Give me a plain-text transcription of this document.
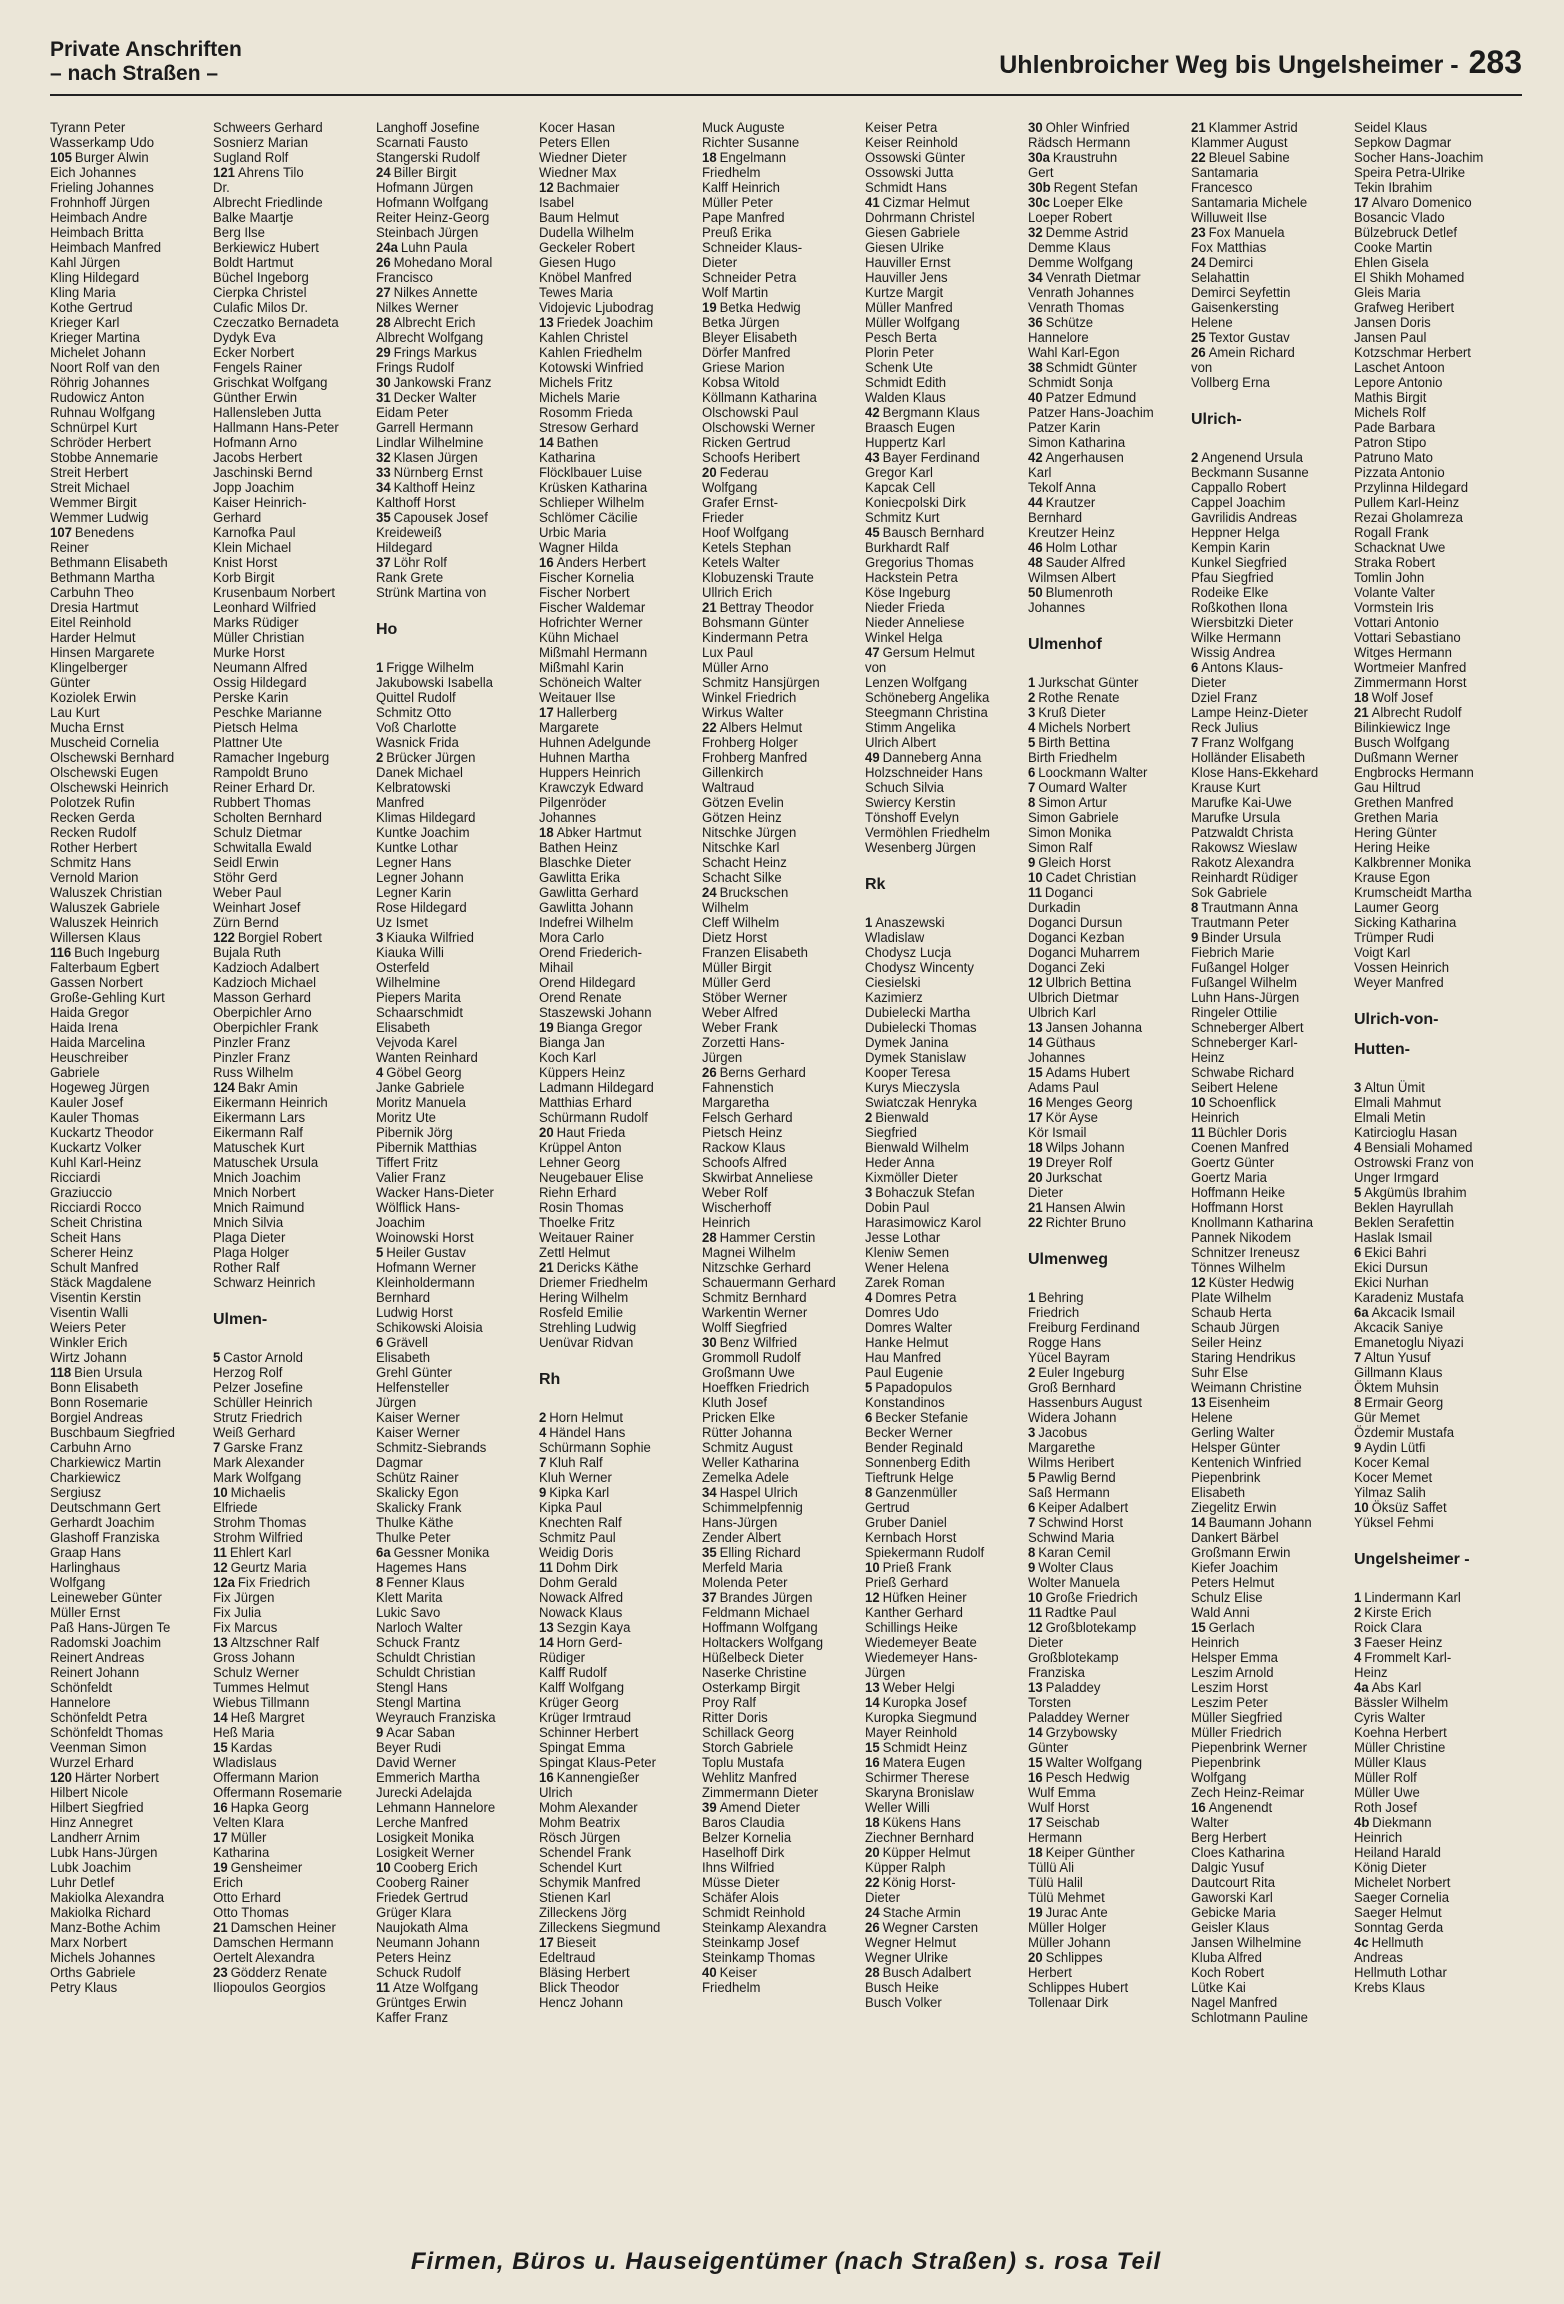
Private Anschriften
– nach Straßen –	Uhlenbroicher Weg bis Ungelsheimer - 283
Tyrann Peter
Wasserkamp Udo
105 Burger Alwin
Eich Johannes
Frieling Johannes
Frohnhoff Jürgen
Heimbach Andre
Heimbach Britta
Heimbach Manfred
Kahl Jürgen
Kling Hildegard
Kling Maria
Kothe Gertrud
Krieger Karl
Krieger Martina
Michelet Johann
Noort Rolf van den
Röhrig Johannes
Rudowicz Anton
Ruhnau Wolfgang
Schnürpel Kurt
Schröder Herbert
Stobbe Annemarie
Streit Herbert
Streit Michael
Wemmer Birgit
Wemmer Ludwig
107 Benedens
Reiner
Bethmann Elisabeth
Bethmann Martha
Carbuhn Theo
Dresia Hartmut
Eitel Reinhold
Harder Helmut
Hinsen Margarete
Klingelberger
Günter
Koziolek Erwin
Lau Kurt
Mucha Ernst
Muscheid Cornelia
Olschewski Bernhard
Olschewski Eugen
Olschewski Heinrich
Polotzek Rufin
Recken Gerda
Recken Rudolf
Rother Herbert
Schmitz Hans
Vernold Marion
Waluszek Christian
Waluszek Gabriele
Waluszek Heinrich
Willersen Klaus
116 Buch Ingeburg
Falterbaum Egbert
Gassen Norbert
Große-Gehling Kurt
Haida Gregor
Haida Irena
Haida Marcelina
Heuschreiber
Gabriele
Hogeweg Jürgen
Kauler Josef
Kauler Thomas
Kuckartz Theodor
Kuckartz Volker
Kuhl Karl-Heinz
Ricciardi
Graziuccio
Ricciardi Rocco
Scheit Christina
Scheit Hans
Scherer Heinz
Schult Manfred
Stäck Magdalene
Visentin Kerstin
Visentin Walli
Weiers Peter
Winkler Erich
Wirtz Johann
118 Bien Ursula
Bonn Elisabeth
Bonn Rosemarie
Borgiel Andreas
Buschbaum Siegfried
Carbuhn Arno
Charkiewicz Martin
Charkiewicz
Sergiusz
Deutschmann Gert
Gerhardt Joachim
Glashoff Franziska
Graap Hans
Harlinghaus
Wolfgang
Leineweber Günter
Müller Ernst
Paß Hans-Jürgen Te
Radomski Joachim
Reinert Andreas
Reinert Johann
Schönfeldt
Hannelore
Schönfeldt Petra
Schönfeldt Thomas
Veenman Simon
Wurzel Erhard
120 Härter Norbert
Hilbert Nicole
Hilbert Siegfried
Hinz Annegret
Landherr Arnim
Lubk Hans-Jürgen
Lubk Joachim
Luhr Detlef
Makiolka Alexandra
Makiolka Richard
Manz-Bothe Achim
Marx Norbert
Michels Johannes
Orths Gabriele
Petry Klaus
Schweers Gerhard
Sosnierz Marian
Sugland Rolf
121 Ahrens Tilo
Dr.
Albrecht Friedlinde
Balke Maartje
Berg Ilse
Berkiewicz Hubert
Boldt Hartmut
Büchel Ingeborg
Cierpka Christel
Culafic Milos Dr.
Czeczatko Bernadeta
Dydyk Eva
Ecker Norbert
Fengels Rainer
Grischkat Wolfgang
Günther Erwin
Hallensleben Jutta
Hallmann Hans-Peter
Hofmann Arno
Jacobs Herbert
Jaschinski Bernd
Jopp Joachim
Kaiser Heinrich-
Gerhard
Karnofka Paul
Klein Michael
Knist Horst
Korb Birgit
Krusenbaum Norbert
Leonhard Wilfried
Marks Rüdiger
Müller Christian
Murke Horst
Neumann Alfred
Ossig Hildegard
Perske Karin
Peschke Marianne
Pietsch Helma
Plattner Ute
Ramacher Ingeburg
Rampoldt Bruno
Reiner Erhard Dr.
Rubbert Thomas
Scholten Bernhard
Schulz Dietmar
Schwitalla Ewald
Seidl Erwin
Stöhr Gerd
Weber Paul
Weinhart Josef
Zürn Bernd
122 Borgiel Robert
Bujala Ruth
Kadzioch Adalbert
Kadzioch Michael
Masson Gerhard
Oberpichler Arno
Oberpichler Frank
Pinzler Franz
Pinzler Franz
Russ Wilhelm
124 Bakr Amin
Eikermann Heinrich
Eikermann Lars
Eikermann Ralf
Matuschek Kurt
Matuschek Ursula
Mnich Joachim
Mnich Norbert
Mnich Raimund
Mnich Silvia
Plaga Dieter
Plaga Holger
Rother Ralf
Schwarz Heinrich
Ulmen-
5 Castor Arnold
Herzog Rolf
Pelzer Josefine
Schüller Heinrich
Strutz Friedrich
Weiß Gerhard
7 Garske Franz
Mark Alexander
Mark Wolfgang
10 Michaelis
Elfriede
Strohm Thomas
Strohm Wilfried
11 Ehlert Karl
12 Geurtz Maria
12a Fix Friedrich
Fix Jürgen
Fix Julia
Fix Marcus
13 Altzschner Ralf
Gross Johann
Schulz Werner
Tummes Helmut
Wiebus Tillmann
14 Heß Margret
Heß Maria
15 Kardas
Wladislaus
Offermann Marion
Offermann Rosemarie
16 Hapka Georg
Velten Klara
17 Müller
Katharina
19 Gensheimer
Erich
Otto Erhard
Otto Thomas
21 Damschen Heiner
Damschen Hermann
Oertelt Alexandra
23 Gödderz Renate
Iliopoulos Georgios
Langhoff Josefine
Scarnati Fausto
Stangerski Rudolf
24 Biller Birgit
Hofmann Jürgen
Hofmann Wolfgang
Reiter Heinz-Georg
Steinbach Jürgen
24a Luhn Paula
26 Mohedano Moral
Francisco
27 Nilkes Annette
Nilkes Werner
28 Albrecht Erich
Albrecht Wolfgang
29 Frings Markus
Frings Rudolf
30 Jankowski Franz
31 Decker Walter
Eidam Peter
Garrell Hermann
Lindlar Wilhelmine
32 Klasen Jürgen
33 Nürnberg Ernst
34 Kalthoff Heinz
Kalthoff Horst
35 Capousek Josef
Kreideweiß
Hildegard
37 Löhr Rolf
Rank Grete
Strünk Martina von
Ho
1 Frigge Wilhelm
Jakubowski Isabella
Quittel Rudolf
Schmitz Otto
Voß Charlotte
Wasnick Frida
2 Brücker Jürgen
Danek Michael
Kelbratowski
Manfred
Klimas Hildegard
Kuntke Joachim
Kuntke Lothar
Legner Hans
Legner Johann
Legner Karin
Rose Hildegard
Uz Ismet
3 Kiauka Wilfried
Kiauka Willi
Osterfeld
Wilhelmine
Piepers Marita
Schaarschmidt
Elisabeth
Vejvoda Karel
Wanten Reinhard
4 Göbel Georg
Janke Gabriele
Moritz Manuela
Moritz Ute
Pibernik Jörg
Pibernik Matthias
Tiffert Fritz
Valier Franz
Wacker Hans-Dieter
Wölflick Hans-
Joachim
Woinowski Horst
5 Heiler Gustav
Hofmann Werner
Kleinholdermann
Bernhard
Ludwig Horst
Schikowski Aloisia
6 Grävell
Elisabeth
Grehl Günter
Helfensteller
Jürgen
Kaiser Werner
Kaiser Werner
Schmitz-Siebrands
Dagmar
Schütz Rainer
Skalicky Egon
Skalicky Frank
Thulke Käthe
Thulke Peter
6a Gessner Monika
Hagemes Hans
8 Fenner Klaus
Klett Marita
Lukic Savo
Narloch Walter
Schuck Frantz
Schuldt Christian
Schuldt Christian
Stengl Hans
Stengl Martina
Weyrauch Franziska
9 Acar Saban
Beyer Rudi
David Werner
Emmerich Martha
Jurecki Adelajda
Lehmann Hannelore
Lerche Manfred
Losigkeit Monika
Losigkeit Werner
10 Cooberg Erich
Cooberg Rainer
Friedek Gertrud
Grüger Klara
Naujokath Alma
Neumann Johann
Peters Heinz
Schuck Rudolf
11 Atze Wolfgang
Grüntges Erwin
Kaffer Franz
Kocer Hasan
Peters Ellen
Wiedner Dieter
Wiedner Max
12 Bachmaier
Isabel
Baum Helmut
Dudella Wilhelm
Geckeler Robert
Giesen Hugo
Knöbel Manfred
Tewes Maria
Vidojevic Ljubodrag
13 Friedek Joachim
Kahlen Christel
Kahlen Friedhelm
Kotowski Winfried
Michels Fritz
Michels Marie
Rosomm Frieda
Stresow Gerhard
14 Bathen
Katharina
Flöcklbauer Luise
Krüsken Katharina
Schlieper Wilhelm
Schlömer Cäcilie
Urbic Maria
Wagner Hilda
16 Anders Herbert
Fischer Kornelia
Fischer Norbert
Fischer Waldemar
Hofrichter Werner
Kühn Michael
Mißmahl Hermann
Mißmahl Karin
Schöneich Walter
Weitauer Ilse
17 Hallerberg
Margarete
Huhnen Adelgunde
Huhnen Martha
Huppers Heinrich
Krawczyk Edward
Pilgenröder
Johannes
18 Abker Hartmut
Bathen Heinz
Blaschke Dieter
Gawlitta Erika
Gawlitta Gerhard
Gawlitta Johann
Indefrei Wilhelm
Mora Carlo
Orend Friederich-
Mihail
Orend Hildegard
Orend Renate
Staszewski Johann
19 Bianga Gregor
Bianga Jan
Koch Karl
Küppers Heinz
Ladmann Hildegard
Matthias Erhard
Schürmann Rudolf
20 Haut Frieda
Krüppel Anton
Lehner Georg
Neugebauer Elise
Riehn Erhard
Rosin Thomas
Thoelke Fritz
Weitauer Rainer
Zettl Helmut
21 Dericks Käthe
Driemer Friedhelm
Hering Wilhelm
Rosfeld Emilie
Strehling Ludwig
Uenüvar Ridvan
Rh
2 Horn Helmut
4 Händel Hans
Schürmann Sophie
7 Kluh Ralf
Kluh Werner
9 Kipka Karl
Kipka Paul
Knechten Ralf
Schmitz Paul
Weidig Doris
11 Dohm Dirk
Dohm Gerald
Nowack Alfred
Nowack Klaus
13 Sezgin Kaya
14 Horn Gerd-
Rüdiger
Kalff Rudolf
Kalff Wolfgang
Krüger Georg
Krüger Irmtraud
Schinner Herbert
Spingat Emma
Spingat Klaus-Peter
16 Kannengießer
Ulrich
Mohm Alexander
Mohm Beatrix
Rösch Jürgen
Schendel Frank
Schendel Kurt
Schymik Manfred
Stienen Karl
Zilleckens Jörg
Zilleckens Siegmund
17 Bieseit
Edeltraud
Bläsing Herbert
Blick Theodor
Hencz Johann
Muck Auguste
Richter Susanne
18 Engelmann
Friedhelm
Kalff Heinrich
Müller Peter
Pape Manfred
Preuß Erika
Schneider Klaus-
Dieter
Schneider Petra
Wolf Martin
19 Betka Hedwig
Betka Jürgen
Bleyer Elisabeth
Dörfer Manfred
Griese Marion
Kobsa Witold
Köllmann Katharina
Olschowski Paul
Olschowski Werner
Ricken Gertrud
Schoofs Heribert
20 Federau
Wolfgang
Grafer Ernst-
Frieder
Hoof Wolfgang
Ketels Stephan
Ketels Walter
Klobuzenski Traute
Ullrich Erich
21 Bettray Theodor
Bohsmann Günter
Kindermann Petra
Lux Paul
Müller Arno
Schmitz Hansjürgen
Winkel Friedrich
Wirkus Walter
22 Albers Helmut
Frohberg Holger
Frohberg Manfred
Gillenkirch
Waltraud
Götzen Evelin
Götzen Heinz
Nitschke Jürgen
Nitschke Karl
Schacht Heinz
Schacht Silke
24 Bruckschen
Wilhelm
Cleff Wilhelm
Dietz Horst
Franzen Elisabeth
Müller Birgit
Müller Gerd
Stöber Werner
Weber Alfred
Weber Frank
Zorzetti Hans-
Jürgen
26 Berns Gerhard
Fahnenstich
Margaretha
Felsch Gerhard
Pietsch Heinz
Rackow Klaus
Schoofs Alfred
Skwirbat Anneliese
Weber Rolf
Wischerhoff
Heinrich
28 Hammer Cerstin
Magnei Wilhelm
Nitzschke Gerhard
Schauermann Gerhard
Schmitz Bernhard
Warkentin Werner
Wolff Siegfried
30 Benz Wilfried
Grommoll Rudolf
Großmann Uwe
Hoeffken Friedrich
Kluth Josef
Pricken Elke
Rütter Johanna
Schmitz August
Weller Katharina
Zemelka Adele
34 Haspel Ulrich
Schimmelpfennig
Hans-Jürgen
Zender Albert
35 Elling Richard
Merfeld Maria
Molenda Peter
37 Brandes Jürgen
Feldmann Michael
Hoffmann Wolfgang
Holtackers Wolfgang
Hüßelbeck Dieter
Naserke Christine
Osterkamp Birgit
Proy Ralf
Ritter Doris
Schillack Georg
Storch Gabriele
Toplu Mustafa
Wehlitz Manfred
Zimmermann Dieter
39 Amend Dieter
Baros Claudia
Belzer Kornelia
Haselhoff Dirk
Ihns Wilfried
Müsse Dieter
Schäfer Alois
Schmidt Reinhold
Steinkamp Alexandra
Steinkamp Josef
Steinkamp Thomas
40 Keiser
Friedhelm
Keiser Petra
Keiser Reinhold
Ossowski Günter
Ossowski Jutta
Schmidt Hans
41 Cizmar Helmut
Dohrmann Christel
Giesen Gabriele
Giesen Ulrike
Hauviller Ernst
Hauviller Jens
Kurtze Margit
Müller Manfred
Müller Wolfgang
Pesch Berta
Plorin Peter
Schenk Ute
Schmidt Edith
Walden Klaus
42 Bergmann Klaus
Braasch Eugen
Huppertz Karl
43 Bayer Ferdinand
Gregor Karl
Kapcak Cell
Koniecpolski Dirk
Schmitz Kurt
45 Bausch Bernhard
Burkhardt Ralf
Gregorius Thomas
Hackstein Petra
Köse Ingeburg
Nieder Frieda
Nieder Anneliese
Winkel Helga
47 Gersum Helmut
von
Lenzen Wolfgang
Schöneberg Angelika
Steegmann Christina
Stimm Angelika
Ulrich Albert
49 Danneberg Anna
Holzschneider Hans
Schuch Silvia
Swiercy Kerstin
Tönshoff Evelyn
Vermöhlen Friedhelm
Wesenberg Jürgen
Rk
1 Anaszewski
Wladislaw
Chodysz Lucja
Chodysz Wincenty
Ciesielski
Kazimierz
Dubielecki Martha
Dubielecki Thomas
Dymek Janina
Dymek Stanislaw
Kooper Teresa
Kurys Mieczysla
Swiatczak Henryka
2 Bienwald
Siegfried
Bienwald Wilhelm
Heder Anna
Kixmöller Dieter
3 Bohaczuk Stefan
Dobin Paul
Harasimowicz Karol
Jesse Lothar
Kleniw Semen
Wener Helena
Zarek Roman
4 Domres Petra
Domres Udo
Domres Walter
Hanke Helmut
Hau Manfred
Paul Eugenie
5 Papadopulos
Konstandinos
6 Becker Stefanie
Becker Werner
Bender Reginald
Sonnenberg Edith
Tieftrunk Helge
8 Ganzenmüller
Gertrud
Gruber Daniel
Kernbach Horst
Spiekermann Rudolf
10 Prieß Frank
Prieß Gerhard
12 Hüfken Heiner
Kanther Gerhard
Schillings Heike
Wiedemeyer Beate
Wiedemeyer Hans-
Jürgen
13 Weber Helgi
14 Kuropka Josef
Kuropka Siegmund
Mayer Reinhold
15 Schmidt Heinz
16 Matera Eugen
Schirmer Therese
Skaryna Bronislaw
Weller Willi
18 Kükens Hans
Ziechner Bernhard
20 Küpper Helmut
Küpper Ralph
22 König Horst-
Dieter
24 Stache Armin
26 Wegner Carsten
Wegner Helmut
Wegner Ulrike
28 Busch Adalbert
Busch Heike
Busch Volker
30 Ohler Winfried
Rädsch Hermann
30a Kraustruhn
Gert
30b Regent Stefan
30c Loeper Elke
Loeper Robert
32 Demme Astrid
Demme Klaus
Demme Wolfgang
34 Venrath Dietmar
Venrath Johannes
Venrath Thomas
36 Schütze
Hannelore
Wahl Karl-Egon
38 Schmidt Günter
Schmidt Sonja
40 Patzer Edmund
Patzer Hans-Joachim
Patzer Karin
Simon Katharina
42 Angerhausen
Karl
Tekolf Anna
44 Krautzer
Bernhard
Kreutzer Heinz
46 Holm Lothar
48 Sauder Alfred
Wilmsen Albert
50 Blumenroth
Johannes
Ulmenhof
1 Jurkschat Günter
2 Rothe Renate
3 Kruß Dieter
4 Michels Norbert
5 Birth Bettina
Birth Friedhelm
6 Loockmann Walter
7 Oumard Walter
8 Simon Artur
Simon Gabriele
Simon Monika
Simon Ralf
9 Gleich Horst
10 Cadet Christian
11 Doganci
Durkadin
Doganci Dursun
Doganci Kezban
Doganci Muharrem
Doganci Zeki
12 Ulbrich Bettina
Ulbrich Dietmar
Ulbrich Karl
13 Jansen Johanna
14 Güthaus
Johannes
15 Adams Hubert
Adams Paul
16 Menges Georg
17 Kör Ayse
Kör Ismail
18 Wilps Johann
19 Dreyer Rolf
20 Jurkschat
Dieter
21 Hansen Alwin
22 Richter Bruno
Ulmenweg
1 Behring
Friedrich
Freiburg Ferdinand
Rogge Hans
Yücel Bayram
2 Euler Ingeburg
Groß Bernhard
Hassenburs August
Widera Johann
3 Jacobus
Margarethe
Wilms Heribert
5 Pawlig Bernd
Saß Hermann
6 Keiper Adalbert
7 Schwind Horst
Schwind Maria
8 Karan Cemil
9 Wolter Claus
Wolter Manuela
10 Große Friedrich
11 Radtke Paul
12 Großblotekamp
Dieter
Großblotekamp
Franziska
13 Paladdey
Torsten
Paladdey Werner
14 Grzybowsky
Günter
15 Walter Wolfgang
16 Pesch Hedwig
Wulf Emma
Wulf Horst
17 Seischab
Hermann
18 Keiper Günther
Tüllü Ali
Tülü Halil
Tülü Mehmet
19 Jurac Ante
Müller Holger
Müller Johann
20 Schlippes
Herbert
Schlippes Hubert
Tollenaar Dirk
21 Klammer Astrid
Klammer August
22 Bleuel Sabine
Santamaria
Francesco
Santamaria Michele
Willuweit Ilse
23 Fox Manuela
Fox Matthias
24 Demirci
Selahattin
Demirci Seyfettin
Gaisenkersting
Helene
25 Textor Gustav
26 Amein Richard
von
Vollberg Erna
Ulrich-
2 Angenend Ursula
Beckmann Susanne
Cappallo Robert
Cappel Joachim
Gavrilidis Andreas
Heppner Helga
Kempin Karin
Kunkel Siegfried
Pfau Siegfried
Rodeike Elke
Roßkothen Ilona
Wiersbitzki Dieter
Wilke Hermann
Wissig Andrea
6 Antons Klaus-
Dieter
Dziel Franz
Lampe Heinz-Dieter
Reck Julius
7 Franz Wolfgang
Holländer Elisabeth
Klose Hans-Ekkehard
Krause Kurt
Marufke Kai-Uwe
Marufke Ursula
Patzwaldt Christa
Rakowsz Wieslaw
Rakotz Alexandra
Reinhardt Rüdiger
Sok Gabriele
8 Trautmann Anna
Trautmann Peter
9 Binder Ursula
Fiebrich Marie
Fußangel Holger
Fußangel Wilhelm
Luhn Hans-Jürgen
Ringeler Ottilie
Schneberger Albert
Schneberger Karl-
Heinz
Schwabe Richard
Seibert Helene
10 Schoenflick
Heinrich
11 Büchler Doris
Coenen Manfred
Goertz Günter
Goertz Maria
Hoffmann Heike
Hoffmann Horst
Knollmann Katharina
Pannek Nikodem
Schnitzer Ireneusz
Tönnes Wilhelm
12 Küster Hedwig
Plate Wilhelm
Schaub Herta
Schaub Jürgen
Seiler Heinz
Staring Hendrikus
Suhr Else
Weimann Christine
13 Eisenheim
Helene
Gerling Walter
Helsper Günter
Kentenich Winfried
Piepenbrink
Elisabeth
Ziegelitz Erwin
14 Baumann Johann
Dankert Bärbel
Großmann Erwin
Kiefer Joachim
Peters Helmut
Schulz Elise
Wald Anni
15 Gerlach
Heinrich
Helsper Emma
Leszim Arnold
Leszim Horst
Leszim Peter
Müller Siegfried
Müller Friedrich
Piepenbrink Werner
Piepenbrink
Wolfgang
Zech Heinz-Reimar
16 Angenendt
Walter
Berg Herbert
Cloes Katharina
Dalgic Yusuf
Dautcourt Rita
Gaworski Karl
Gebicke Maria
Geisler Klaus
Jansen Wilhelmine
Kluba Alfred
Koch Robert
Lütke Kai
Nagel Manfred
Schlotmann Pauline
Seidel Klaus
Sepkow Dagmar
Socher Hans-Joachim
Speira Petra-Ulrike
Tekin Ibrahim
17 Alvaro Domenico
Bosancic Vlado
Bülzebruck Detlef
Cooke Martin
Ehlen Gisela
El Shikh Mohamed
Gleis Maria
Grafweg Heribert
Jansen Doris
Jansen Paul
Kotzschmar Herbert
Laschet Antoon
Lepore Antonio
Mathis Birgit
Michels Rolf
Pade Barbara
Patron Stipo
Patruno Mato
Pizzata Antonio
Przylinna Hildegard
Pullem Karl-Heinz
Rezai Gholamreza
Rogall Frank
Schacknat Uwe
Straka Robert
Tomlin John
Volante Valter
Vormstein Iris
Vottari Antonio
Vottari Sebastiano
Witges Hermann
Wortmeier Manfred
Zimmermann Horst
18 Wolf Josef
21 Albrecht Rudolf
Bilinkiewicz Inge
Busch Wolfgang
Dußmann Werner
Engbrocks Hermann
Gau Hiltrud
Grethen Manfred
Grethen Maria
Hering Günter
Hering Heike
Kalkbrenner Monika
Krause Egon
Krumscheidt Martha
Laumer Georg
Sicking Katharina
Trümper Rudi
Voigt Karl
Vossen Heinrich
Weyer Manfred
Ulrich-von-
Hutten-
3 Altun Ümit
Elmali Mahmut
Elmali Metin
Katircioglu Hasan
4 Bensiali Mohamed
Ostrowski Franz von
Unger Irmgard
5 Akgümüs Ibrahim
Beklen Hayrullah
Beklen Serafettin
Haslak Ismail
6 Ekici Bahri
Ekici Dursun
Ekici Nurhan
Karadeniz Mustafa
6a Akcacik Ismail
Akcacik Saniye
Emanetoglu Niyazi
7 Altun Yusuf
Gillmann Klaus
Öktem Muhsin
8 Ermair Georg
Gür Memet
Özdemir Mustafa
9 Aydin Lütfi
Kocer Kemal
Kocer Memet
Yilmaz Salih
10 Öksüz Saffet
Yüksel Fehmi
Ungelsheimer -
1 Lindermann Karl
2 Kirste Erich
Roick Clara
3 Faeser Heinz
4 Frommelt Karl-
Heinz
4a Abs Karl
Bässler Wilhelm
Cyris Walter
Koehna Herbert
Müller Christine
Müller Klaus
Müller Rolf
Müller Uwe
Roth Josef
4b Diekmann
Heinrich
Heiland Harald
König Dieter
Michelet Norbert
Saeger Cornelia
Saeger Helmut
Sonntag Gerda
4c Hellmuth
Andreas
Hellmuth Lothar
Krebs Klaus
Firmen, Büros u. Hauseigentümer (nach Straßen) s. rosa Teil
